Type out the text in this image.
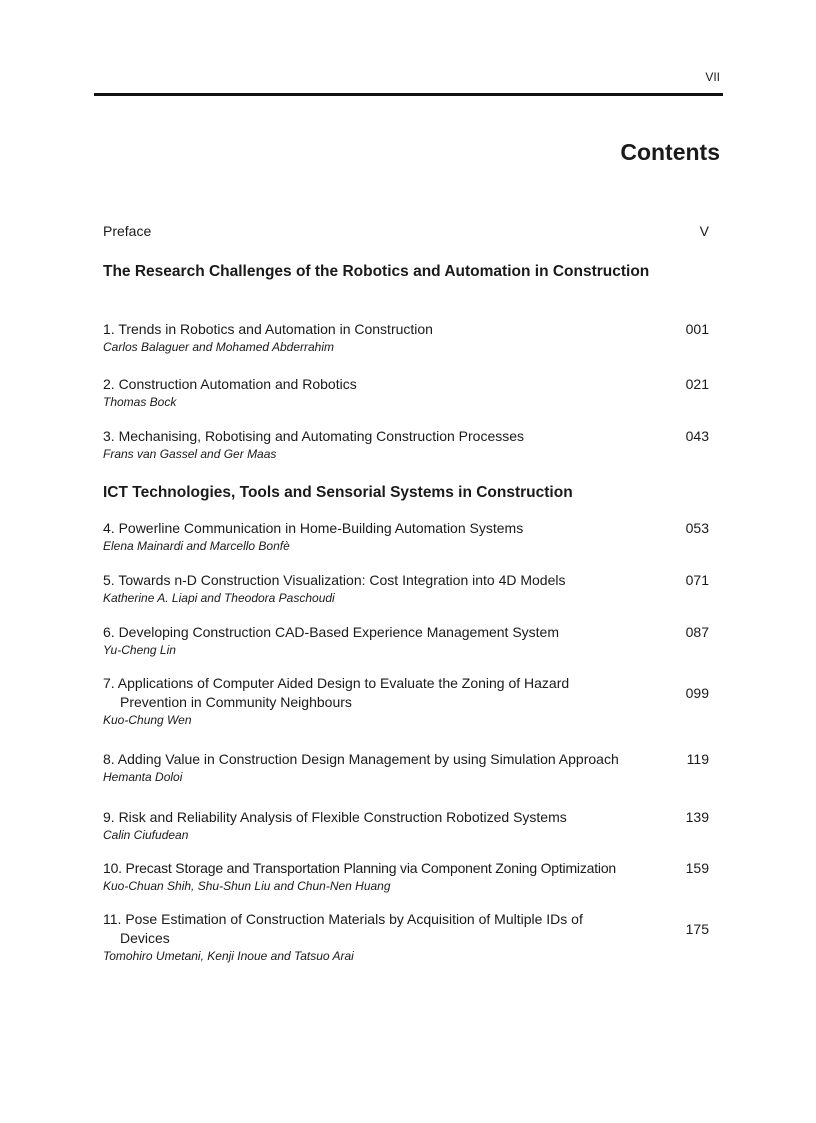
VII
Contents
Preface	V
The Research Challenges of the Robotics and Automation in Construction
1. Trends in Robotics and Automation in Construction
Carlos Balaguer and Mohamed Abderrahim
001
2. Construction Automation and Robotics
Thomas Bock
021
3. Mechanising, Robotising and Automating Construction Processes
Frans van Gassel and Ger Maas
043
ICT Technologies, Tools and Sensorial Systems in Construction
4. Powerline Communication in Home-Building Automation Systems
Elena Mainardi and Marcello Bonfè
053
5. Towards n-D Construction Visualization: Cost Integration into 4D Models
Katherine A. Liapi and Theodora Paschoudi
071
6. Developing Construction CAD-Based Experience Management System
Yu-Cheng Lin
087
7. Applications of Computer Aided Design to Evaluate the Zoning of Hazard
Prevention in Community Neighbours
Kuo-Chung Wen
099
8. Adding Value in Construction Design Management by using Simulation Approach
Hemanta Doloi
119
9. Risk and Reliability Analysis of Flexible Construction Robotized Systems
Calin Ciufudean
139
10. Precast Storage and Transportation Planning via Component Zoning Optimization
Kuo-Chuan Shih, Shu-Shun Liu and Chun-Nen Huang
159
11. Pose Estimation of Construction Materials by Acquisition of Multiple IDs of
Devices
Tomohiro Umetani, Kenji Inoue and Tatsuo Arai
175
